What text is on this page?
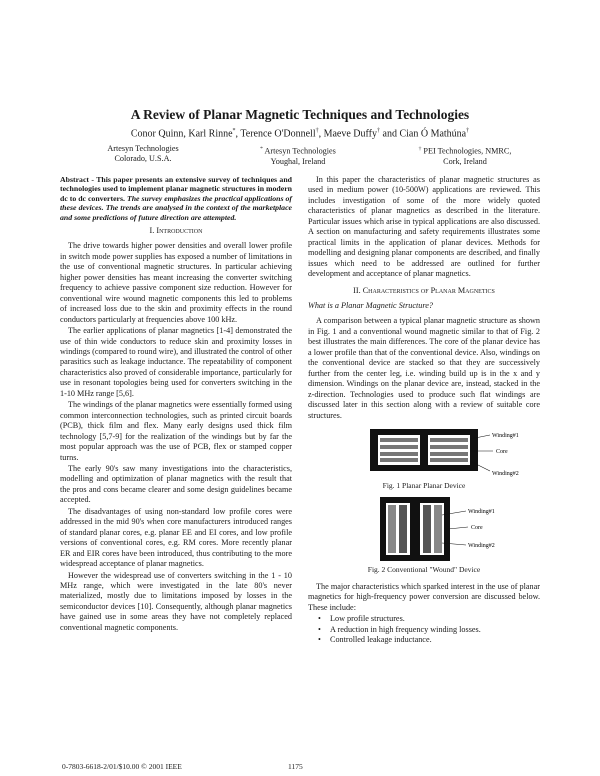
A Review of Planar Magnetic Techniques and Technologies
Conor Quinn, Karl Rinne*, Terence O'Donnell†, Maeve Duffy† and Cian Ó Mathúna†
Artesyn Technologies
Colorado, U.S.A.
* Artesyn Technologies
Youghal, Ireland
† PEI Technologies, NMRC,
Cork, Ireland
Abstract - This paper presents an extensive survey of techniques and technologies used to implement planar magnetic structures in modern dc to dc converters. The survey emphasizes the practical applications of these devices. The trends are analysed in the context of the marketplace and some predictions of future direction are attempted.
I. Introduction

The drive towards higher power densities and overall lower profile in switch mode power supplies has exposed a number of limitations in the use of conventional magnetic structures. In particular achieving higher power densities has meant increasing the converter switching frequency to achieve passive component size reduction. However for conventional wire wound magnetic components this led to problems of increased loss due to the skin and proximity effects in the round conductors particularly at frequencies above 100 kHz.

The earlier applications of planar magnetics [1-4] demonstrated the use of thin wide conductors to reduce skin and proximity losses in windings (compared to round wire), and illustrated the control of other parasitics such as leakage inductance. The repeatability of component characteristics also proved of considerable importance, particularly for use in resonant topologies being used for converters switching in the 1-10 MHz range [5,6].

The windings of the planar magnetics were essentially formed using common interconnection technologies, such as printed circuit boards (PCB), thick film and flex. Many early designs used thick film technology [5,7-9] for the realization of the windings but by far the most popular approach was the use of PCB, flex or stamped copper turns.

The early 90's saw many investigations into the characteristics, modelling and optimization of planar magnetics with the result that the pros and cons became clearer and some design guidelines became accepted.

The disadvantages of using non-standard low profile cores were addressed in the mid 90's when core manufacturers introduced ranges of standard planar cores, e.g. planar EE and EI cores, and low profile versions of conventional cores, e.g. RM cores. More recently planar ER and EIR cores have been introduced, thus contributing to the more widespread acceptance of planar magnetics.

However the widespread use of converters switching in the 1 - 10 MHz range, which were investigated in the late 80's never materialized, mostly due to limitations imposed by losses in the semiconductor devices [10]. Consequently, although planar magnetics have gained use in some areas they have not completely replaced conventional magnetic components.

In this paper the characteristics of planar magnetic structures as used in medium power (10-500W) applications are reviewed. This includes investigation of some of the more widely quoted characteristics of planar magnetics as described in the literature. Particular issues which arise in typical applications are also discussed. A section on manufacturing and safety requirements illustrates some practical limits in the application of planar devices. Methods for modelling and designing planar components are described, and finally issues which need to be addressed are outlined for further development and acceptance of planar magnetics.

II. Characteristics of Planar Magnetics
What is a Planar Magnetic Structure?

A comparison between a typical planar magnetic structure as shown in Fig. 1 and a conventional wound magnetic similar to that of Fig. 2 best illustrates the main differences. The core of the planar device has a lower profile than that of the conventional device. Also, windings on the conventional device are stacked so that they are successively further from the center leg, i.e. winding build up is in the x and y dimension. Windings on the planar device are, instead, stacked in the z-direction. Technologies used to produce such flat windings are discussed later in this section along with a review of suitable core structures.

Winding#1
Core
Winding#2
Fig. 1 Planar Planar Device
Winding#1
Core
Winding#2
Fig. 2 Conventional "Wound" Device

The major characteristics which sparked interest in the use of planar magnetics for high-frequency power conversion are discussed below. These include:

• Low profile structures.
• A reduction in high frequency winding losses.
• Controlled leakage inductance.
0-7803-6618-2/01/$10.00 © 2001 IEEE	1175
